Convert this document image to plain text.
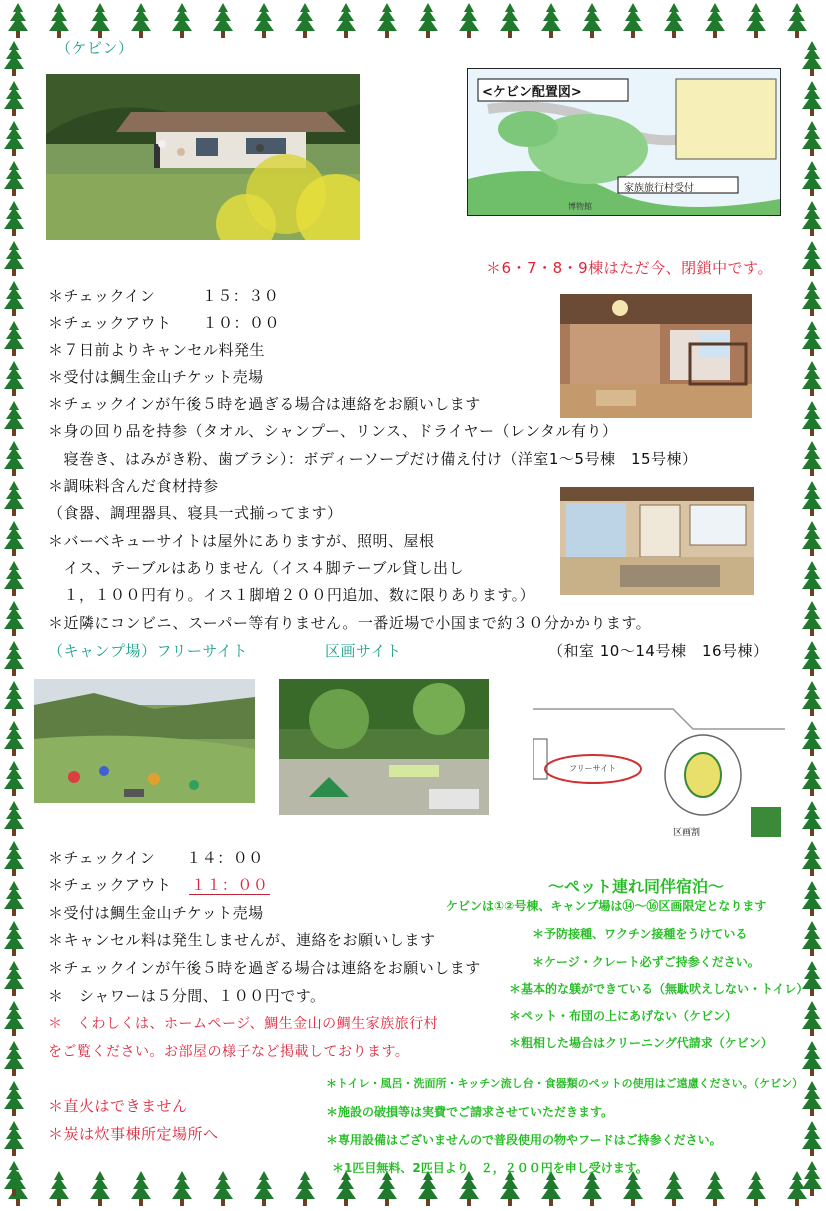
（ケビン）
<ケビン配置図>
家族旅行村受付
博物館
＊6・7・8・9棟はただ今、閉鎖中です。
＊チェックイン　　　１５：３０
＊チェックアウト　　１０：００
＊７日前よりキャンセル料発生
＊受付は鯛生金山チケット売場
＊チェックインが午後５時を過ぎる場合は連絡をお願いします
＊身の回り品を持参（タオル、シャンプー、リンス、ドライヤー（レンタル有り）
　寝巻き、はみがき粉、歯ブラシ）：ボディーソープだけ備え付け（洋室1～5号棟　15号棟）
＊調味料含んだ食材持参
（食器、調理器具、寝具一式揃ってます）
＊バーベキューサイトは屋外にありますが、照明、屋根
　イス、テーブルはありません（イス４脚テーブル貸し出し
　１，１００円有り。イス１脚増２００円追加、数に限りあります。）
＊近隣にコンビニ、スーパー等有りません。一番近場で小国まで約３０分かかります。
（和室 10～14号棟　16号棟）
（キャンプ場）フリーサイト	区画サイト
フリーサイト
区画割
＊チェックイン　　１４：００
＊チェックアウト １１：００
＊受付は鯛生金山チケット売場
＊キャンセル料は発生しませんが、連絡をお願いします
＊チェックインが午後５時を過ぎる場合は連絡をお願いします
＊　シャワーは５分間、１００円です。
＊　くわしくは、ホームページ、鯛生金山の鯛生家族旅行村
をご覧ください。お部屋の様子など掲載しております。
＊直火はできません
＊炭は炊事棟所定場所へ
～ペット連れ同伴宿泊～
ケビンは①②号棟、キャンプ場は⑭～⑯区画限定となります
＊予防接種、ワクチン接種をうけている
＊ケージ・クレート必ずご持参ください。
＊基本的な躾ができている（無駄吠えしない・トイレ）
＊ペット・布団の上にあげない（ケビン）
＊粗相した場合はクリーニング代請求（ケビン）
＊トイレ・風呂・洗面所・キッチン流し台・食器類のペットの使用はご遠慮ください。（ケビン）
＊施設の破損等は実費でご請求させていただきます。
＊専用設備はございませんので普段使用の物やフードはご持参ください。
＊1匹目無料、2匹目より　２，２００円を申し受けます。
